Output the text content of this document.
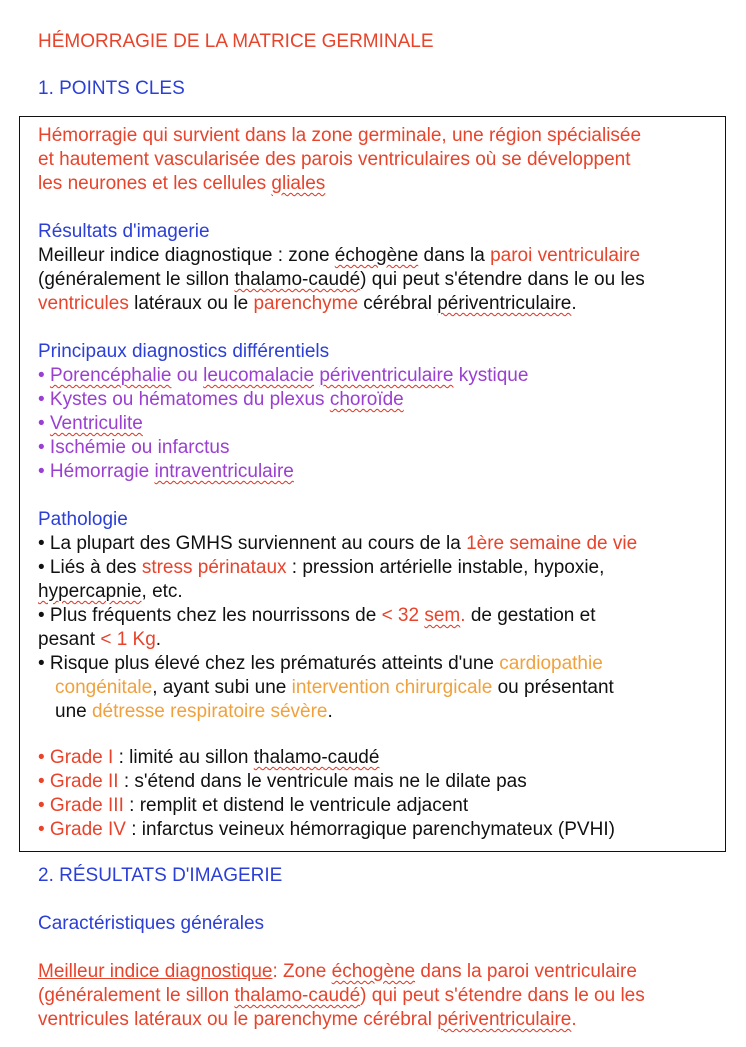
HÉMORRAGIE DE LA MATRICE GERMINALE

1. POINTS CLES

Hémorragie qui survient dans la zone germinale, une région spécialisée

et hautement vascularisée des parois ventriculaires où se développent

les neurones et les cellules gliales

Résultats d'imagerie

Meilleur indice diagnostique : zone échogène dans la paroi ventriculaire

(généralement le sillon thalamo-caudé) qui peut s'étendre dans le ou les

ventricules latéraux ou le parenchyme cérébral périventriculaire.

Principaux diagnostics différentiels

• Porencéphalie ou leucomalacie périventriculaire kystique

• Kystes ou hématomes du plexus choroïde

• Ventriculite

• Ischémie ou infarctus

• Hémorragie intraventriculaire

Pathologie

• La plupart des GMHS surviennent au cours de la 1ère semaine de vie

• Liés à des stress périnataux : pression artérielle instable, hypoxie,

hypercapnie, etc.

• Plus fréquents chez les nourrissons de < 32 sem. de gestation et

pesant < 1 Kg.

• Risque plus élevé chez les prématurés atteints d'une cardiopathie

congénitale, ayant subi une intervention chirurgicale ou présentant

une détresse respiratoire sévère.

• Grade I : limité au sillon thalamo-caudé

• Grade II : s'étend dans le ventricule mais ne le dilate pas

• Grade III : remplit et distend le ventricule adjacent

• Grade IV : infarctus veineux hémorragique parenchymateux (PVHI)

2. RÉSULTATS D'IMAGERIE

Caractéristiques générales

Meilleur indice diagnostique: Zone échogène dans la paroi ventriculaire

(généralement le sillon thalamo-caudé) qui peut s'étendre dans le ou les

ventricules latéraux ou le parenchyme cérébral périventriculaire.
